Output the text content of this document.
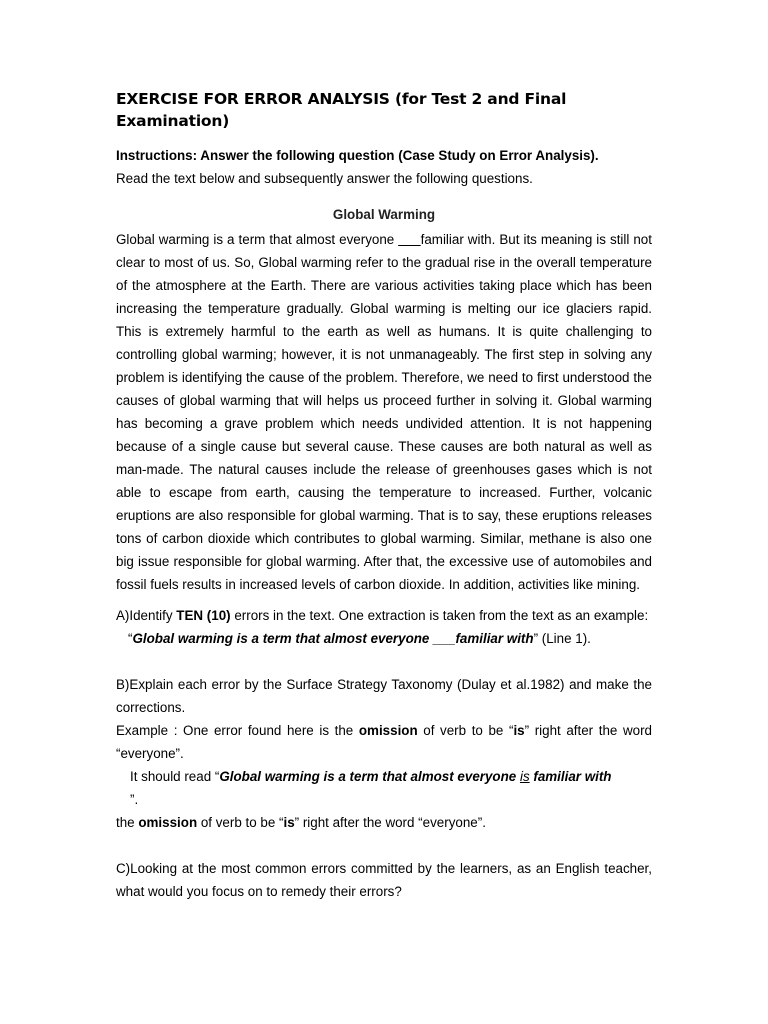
EXERCISE FOR ERROR ANALYSIS (for Test 2 and Final Examination)

Instructions: Answer the following question (Case Study on Error Analysis).

Read the text below and subsequently answer the following questions.

Global Warming

Global warming is a term that almost everyone ___familiar with. But its meaning is still not clear to most of us. So, Global warming refer to the gradual rise in the overall temperature of the atmosphere at the Earth. There are various activities taking place which has been increasing the temperature gradually. Global warming is melting our ice glaciers rapid. This is extremely harmful to the earth as well as humans. It is quite challenging to controlling global warming; however, it is not unmanageably. The first step in solving any problem is identifying the cause of the problem. Therefore, we need to first understood the causes of global warming that will helps us proceed further in solving it. Global warming has becoming a grave problem which needs undivided attention. It is not happening because of a single cause but several cause. These causes are both natural as well as man-made. The natural causes include the release of greenhouses gases which is not able to escape from earth, causing the temperature to increased. Further, volcanic eruptions are also responsible for global warming. That is to say, these eruptions releases tons of carbon dioxide which contributes to global warming. Similar, methane is also one big issue responsible for global warming. After that, the excessive use of automobiles and fossil fuels results in increased levels of carbon dioxide. In addition, activities like mining.

A)Identify TEN (10) errors in the text. One extraction is taken from the text as an example:

“Global warming is a term that almost everyone ___familiar with” (Line 1).

B)Explain each error by the Surface Strategy Taxonomy (Dulay et al.1982) and make the corrections.

Example : One error found here is the omission of verb to be “is” right after the word “everyone”.

It should read “Global warming is a term that almost everyone is familiar with
”.

the omission of verb to be “is” right after the word “everyone”.

C)Looking at the most common errors committed by the learners, as an English teacher, what would you focus on to remedy their errors?
